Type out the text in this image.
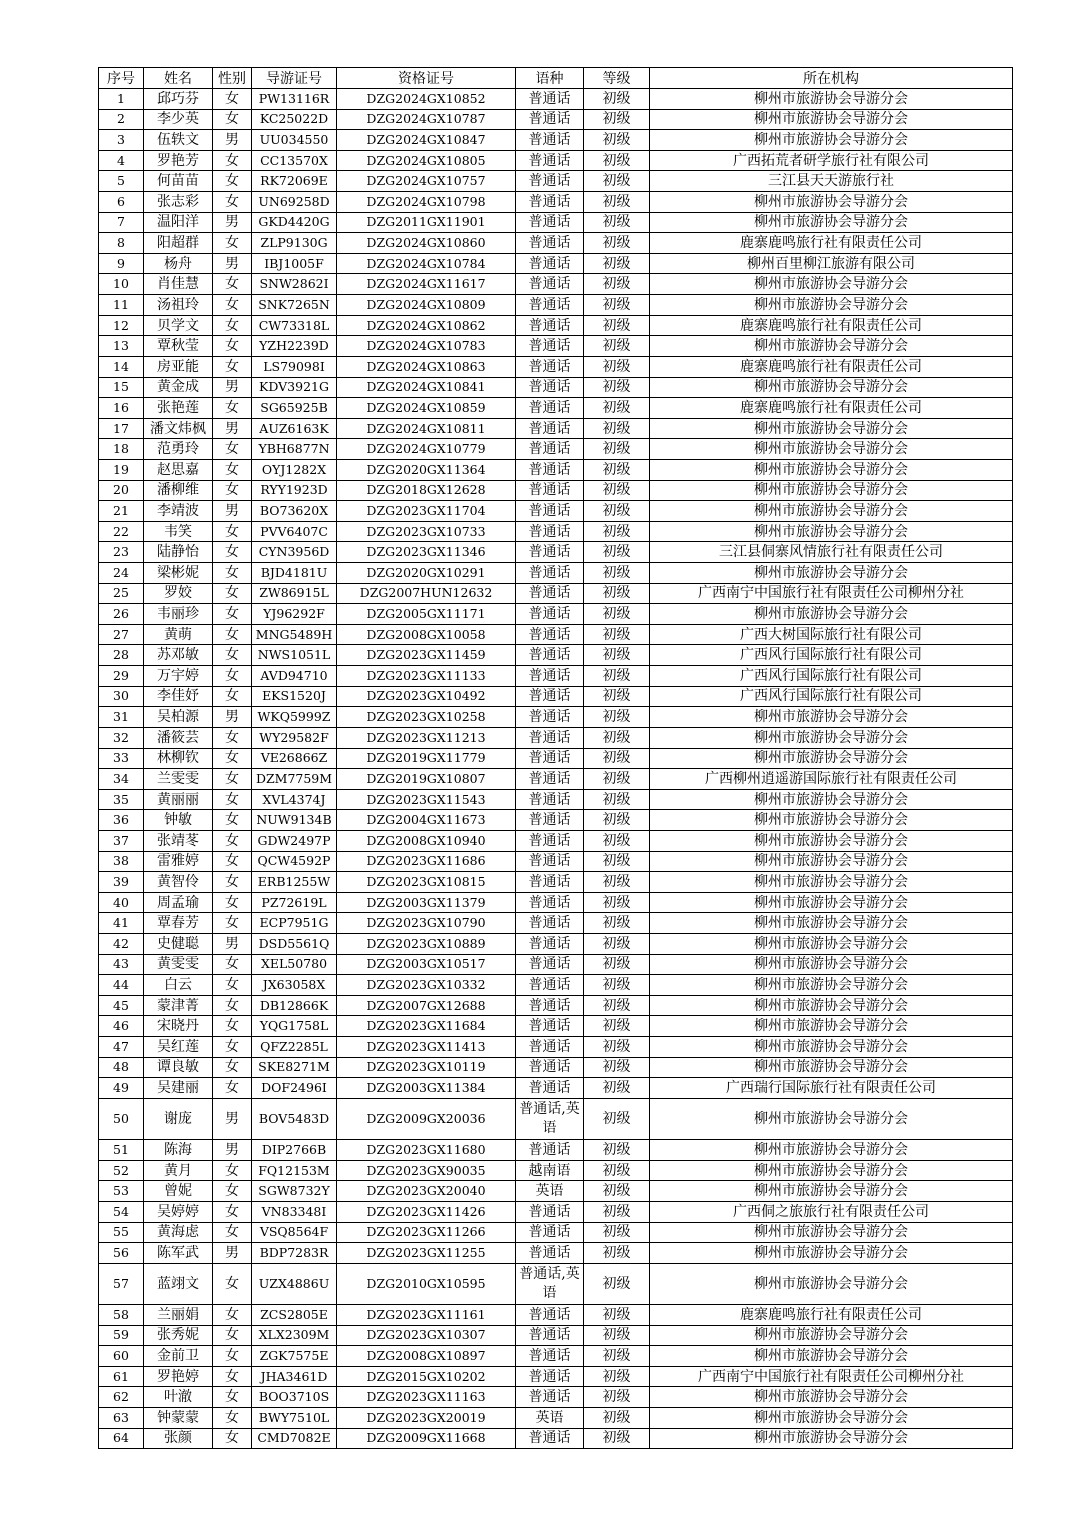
序号	姓名	性别	导游证号	资格证号	语种	等级	所在机构
1	邱巧芬	女	PW13116R	DZG2024GX10852	普通话	初级	柳州市旅游协会导游分会
2	李少英	女	KC25022D	DZG2024GX10787	普通话	初级	柳州市旅游协会导游分会
3	伍轶文	男	UU034550	DZG2024GX10847	普通话	初级	柳州市旅游协会导游分会
4	罗艳芳	女	CC13570X	DZG2024GX10805	普通话	初级	广西拓荒者研学旅行社有限公司
5	何苗苗	女	RK72069E	DZG2024GX10757	普通话	初级	三江县天天游旅行社
6	张志彩	女	UN69258D	DZG2024GX10798	普通话	初级	柳州市旅游协会导游分会
7	温阳洋	男	GKD4420G	DZG2011GX11901	普通话	初级	柳州市旅游协会导游分会
8	阳超群	女	ZLP9130G	DZG2024GX10860	普通话	初级	鹿寨鹿鸣旅行社有限责任公司
9	杨舟	男	IBJ1005F	DZG2024GX10784	普通话	初级	柳州百里柳江旅游有限公司
10	肖佳慧	女	SNW2862I	DZG2024GX11617	普通话	初级	柳州市旅游协会导游分会
11	汤祖玲	女	SNK7265N	DZG2024GX10809	普通话	初级	柳州市旅游协会导游分会
12	贝学文	女	CW73318L	DZG2024GX10862	普通话	初级	鹿寨鹿鸣旅行社有限责任公司
13	覃秋莹	女	YZH2239D	DZG2024GX10783	普通话	初级	柳州市旅游协会导游分会
14	房亚能	女	LS79098I	DZG2024GX10863	普通话	初级	鹿寨鹿鸣旅行社有限责任公司
15	黄金成	男	KDV3921G	DZG2024GX10841	普通话	初级	柳州市旅游协会导游分会
16	张艳莲	女	SG65925B	DZG2024GX10859	普通话	初级	鹿寨鹿鸣旅行社有限责任公司
17	潘文炜枫	男	AUZ6163K	DZG2024GX10811	普通话	初级	柳州市旅游协会导游分会
18	范勇玲	女	YBH6877N	DZG2024GX10779	普通话	初级	柳州市旅游协会导游分会
19	赵思嘉	女	OYJ1282X	DZG2020GX11364	普通话	初级	柳州市旅游协会导游分会
20	潘柳维	女	RYY1923D	DZG2018GX12628	普通话	初级	柳州市旅游协会导游分会
21	李靖波	男	BO73620X	DZG2023GX11704	普通话	初级	柳州市旅游协会导游分会
22	韦笑	女	PVV6407C	DZG2023GX10733	普通话	初级	柳州市旅游协会导游分会
23	陆静怡	女	CYN3956D	DZG2023GX11346	普通话	初级	三江县侗寨风情旅行社有限责任公司
24	梁彬妮	女	BJD4181U	DZG2020GX10291	普通话	初级	柳州市旅游协会导游分会
25	罗姣	女	ZW86915L	DZG2007HUN12632	普通话	初级	广西南宁中国旅行社有限责任公司柳州分社
26	韦丽珍	女	YJ96292F	DZG2005GX11171	普通话	初级	柳州市旅游协会导游分会
27	黄萌	女	MNG5489H	DZG2008GX10058	普通话	初级	广西大树国际旅行社有限公司
28	苏邓敏	女	NWS1051L	DZG2023GX11459	普通话	初级	广西风行国际旅行社有限公司
29	万宇婷	女	AVD94710	DZG2023GX11133	普通话	初级	广西风行国际旅行社有限公司
30	李佳妤	女	EKS1520J	DZG2023GX10492	普通话	初级	广西风行国际旅行社有限公司
31	吴柏源	男	WKQ5999Z	DZG2023GX10258	普通话	初级	柳州市旅游协会导游分会
32	潘筱芸	女	WY29582F	DZG2023GX11213	普通话	初级	柳州市旅游协会导游分会
33	林柳钦	女	VE26866Z	DZG2019GX11779	普通话	初级	柳州市旅游协会导游分会
34	兰雯雯	女	DZM7759M	DZG2019GX10807	普通话	初级	广西柳州逍遥游国际旅行社有限责任公司
35	黄丽丽	女	XVL4374J	DZG2023GX11543	普通话	初级	柳州市旅游协会导游分会
36	钟敏	女	NUW9134B	DZG2004GX11673	普通话	初级	柳州市旅游协会导游分会
37	张靖苳	女	GDW2497P	DZG2008GX10940	普通话	初级	柳州市旅游协会导游分会
38	雷雅婷	女	QCW4592P	DZG2023GX11686	普通话	初级	柳州市旅游协会导游分会
39	黄智伶	女	ERB1255W	DZG2023GX10815	普通话	初级	柳州市旅游协会导游分会
40	周孟瑜	女	PZ72619L	DZG2003GX11379	普通话	初级	柳州市旅游协会导游分会
41	覃春芳	女	ECP7951G	DZG2023GX10790	普通话	初级	柳州市旅游协会导游分会
42	史健聪	男	DSD5561Q	DZG2023GX10889	普通话	初级	柳州市旅游协会导游分会
43	黄雯雯	女	XEL50780	DZG2003GX10517	普通话	初级	柳州市旅游协会导游分会
44	白云	女	JX63058X	DZG2023GX10332	普通话	初级	柳州市旅游协会导游分会
45	蒙津菁	女	DB12866K	DZG2007GX12688	普通话	初级	柳州市旅游协会导游分会
46	宋晓丹	女	YQG1758L	DZG2023GX11684	普通话	初级	柳州市旅游协会导游分会
47	吴红莲	女	QFZ2285L	DZG2023GX11413	普通话	初级	柳州市旅游协会导游分会
48	谭良敏	女	SKE8271M	DZG2023GX10119	普通话	初级	柳州市旅游协会导游分会
49	吴建丽	女	DOF2496I	DZG2003GX11384	普通话	初级	广西瑞行国际旅行社有限责任公司
50	谢庞	男	BOV5483D	DZG2009GX20036	普通话,英语	初级	柳州市旅游协会导游分会
51	陈海	男	DIP2766B	DZG2023GX11680	普通话	初级	柳州市旅游协会导游分会
52	黄月	女	FQ12153M	DZG2023GX90035	越南语	初级	柳州市旅游协会导游分会
53	曾妮	女	SGW8732Y	DZG2023GX20040	英语	初级	柳州市旅游协会导游分会
54	吴婷婷	女	VN83348I	DZG2023GX11426	普通话	初级	广西侗之旅旅行社有限责任公司
55	黄海虑	女	VSQ8564F	DZG2023GX11266	普通话	初级	柳州市旅游协会导游分会
56	陈军武	男	BDP7283R	DZG2023GX11255	普通话	初级	柳州市旅游协会导游分会
57	蓝翊文	女	UZX4886U	DZG2010GX10595	普通话,英语	初级	柳州市旅游协会导游分会
58	兰丽娟	女	ZCS2805E	DZG2023GX11161	普通话	初级	鹿寨鹿鸣旅行社有限责任公司
59	张秀妮	女	XLX2309M	DZG2023GX10307	普通话	初级	柳州市旅游协会导游分会
60	金前卫	女	ZGK7575E	DZG2008GX10897	普通话	初级	柳州市旅游协会导游分会
61	罗艳婷	女	JHA3461D	DZG2015GX10202	普通话	初级	广西南宁中国旅行社有限责任公司柳州分社
62	叶澈	女	BOO3710S	DZG2023GX11163	普通话	初级	柳州市旅游协会导游分会
63	钟蒙蒙	女	BWY7510L	DZG2023GX20019	英语	初级	柳州市旅游协会导游分会
64	张颜	女	CMD7082E	DZG2009GX11668	普通话	初级	柳州市旅游协会导游分会
